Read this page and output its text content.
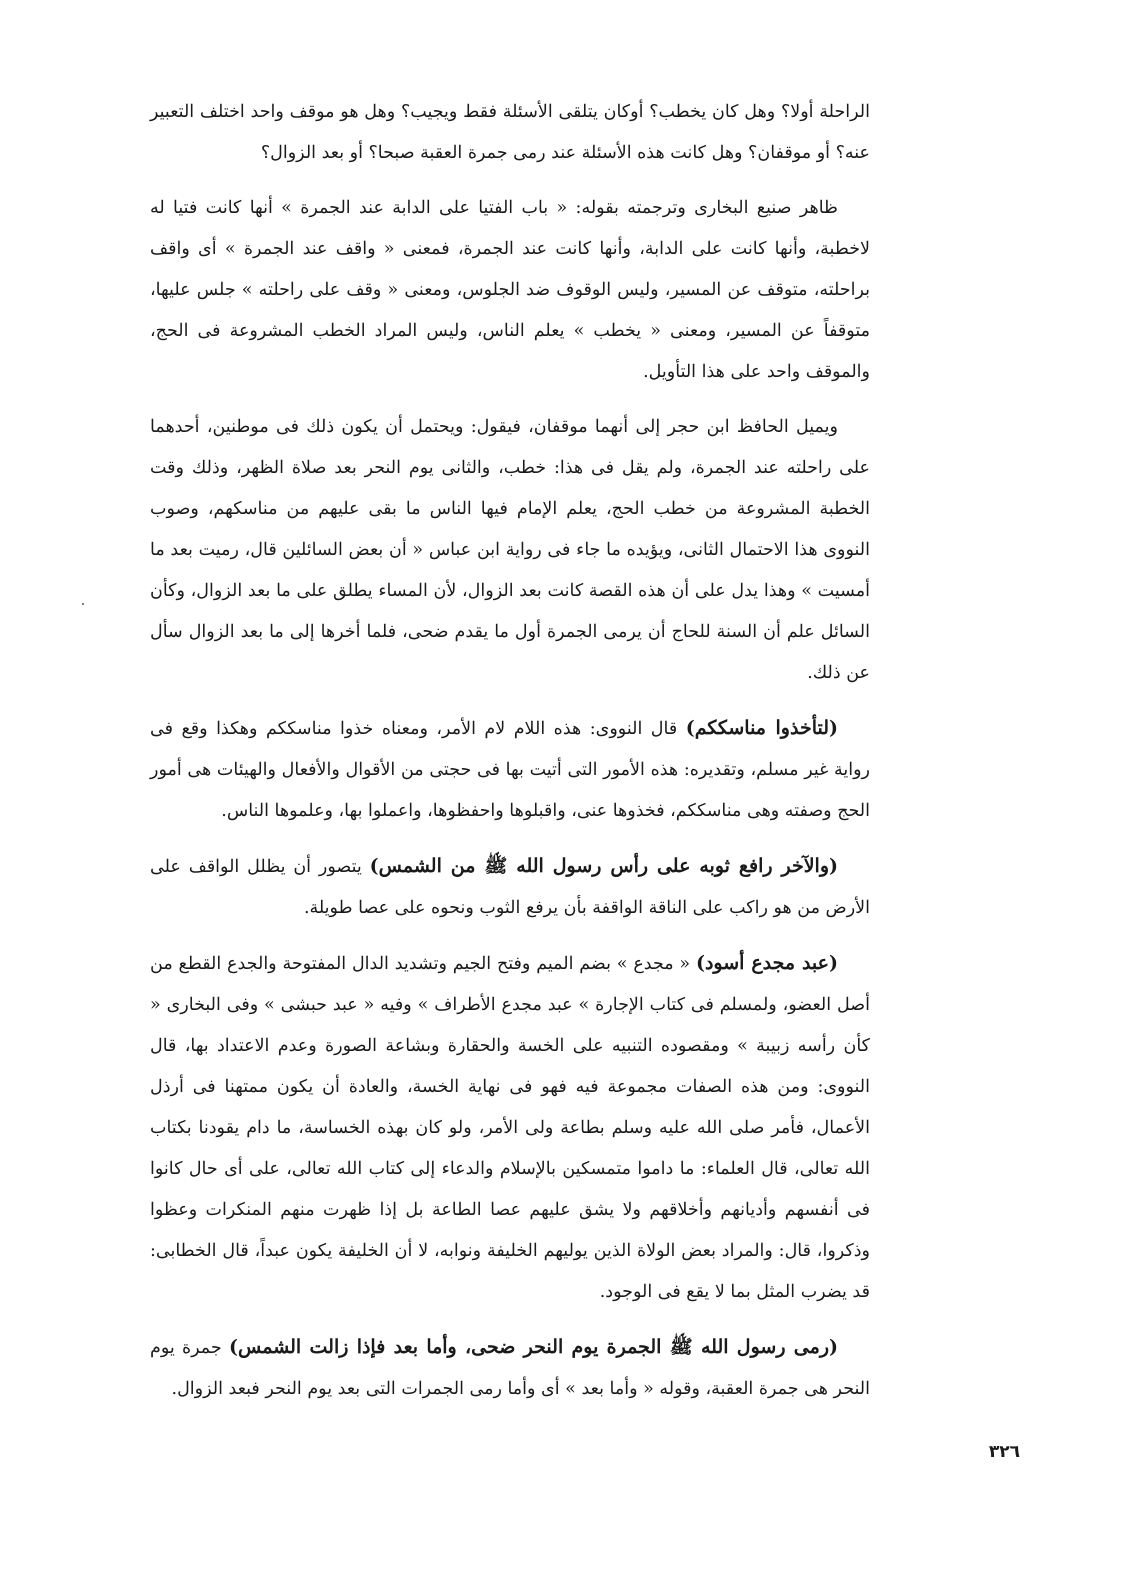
الراحلة أولا؟ وهل كان يخطب؟ أوكان يتلقى الأسئلة فقط ويجيب؟ وهل هو موقف واحد اختلف التعبير عنه؟ أو موقفان؟ وهل كانت هذه الأسئلة عند رمى جمرة العقبة صبحا؟ أو بعد الزوال؟

ظاهر صنيع البخارى وترجمته بقوله: « باب الفتيا على الدابة عند الجمرة » أنها كانت فتيا له لاخطبة، وأنها كانت على الدابة، وأنها كانت عند الجمرة، فمعنى « واقف عند الجمرة » أى واقف براحلته، متوقف عن المسير، وليس الوقوف ضد الجلوس، ومعنى « وقف على راحلته » جلس عليها، متوقفاً عن المسير، ومعنى « يخطب » يعلم الناس، وليس المراد الخطب المشروعة فى الحج، والموقف واحد على هذا التأويل.

ويميل الحافظ ابن حجر إلى أنهما موقفان، فيقول: ويحتمل أن يكون ذلك فى موطنين، أحدهما على راحلته عند الجمرة، ولم يقل فى هذا: خطب، والثانى يوم النحر بعد صلاة الظهر، وذلك وقت الخطبة المشروعة من خطب الحج، يعلم الإمام فيها الناس ما بقى عليهم من مناسكهم، وصوب النووى هذا الاحتمال الثانى، ويؤيده ما جاء فى رواية ابن عباس « أن بعض السائلين قال، رميت بعد ما أمسيت » وهذا يدل على أن هذه القصة كانت بعد الزوال، لأن المساء يطلق على ما بعد الزوال، وكأن السائل علم أن السنة للحاج أن يرمى الجمرة أول ما يقدم ضحى، فلما أخرها إلى ما بعد الزوال سأل عن ذلك.

(لتأخذوا مناسككم) قال النووى: هذه اللام لام الأمر، ومعناه خذوا مناسككم وهكذا وقع فى رواية غير مسلم، وتقديره: هذه الأمور التى أتيت بها فى حجتى من الأقوال والأفعال والهيئات هى أمور الحج وصفته وهى مناسككم، فخذوها عنى، واقبلوها واحفظوها، واعملوا بها، وعلموها الناس.

(والآخر رافع ثوبه على رأس رسول الله ﷺ من الشمس) يتصور أن يظلل الواقف على الأرض من هو راكب على الناقة الواقفة بأن يرفع الثوب ونحوه على عصا طويلة.

(عبد مجدع أسود) « مجدع » بضم الميم وفتح الجيم وتشديد الدال المفتوحة والجدع القطع من أصل العضو، ولمسلم فى كتاب الإجارة » عبد مجدع الأطراف » وفيه « عبد حبشى » وفى البخارى « كأن رأسه زبيبة » ومقصوده التنبيه على الخسة والحقارة وبشاعة الصورة وعدم الاعتداد بها، قال النووى: ومن هذه الصفات مجموعة فيه فهو فى نهاية الخسة، والعادة أن يكون ممتهنا فى أرذل الأعمال، فأمر صلى الله عليه وسلم بطاعة ولى الأمر، ولو كان بهذه الخساسة، ما دام يقودنا بكتاب الله تعالى، قال العلماء: ما داموا متمسكين بالإسلام والدعاء إلى كتاب الله تعالى، على أى حال كانوا فى أنفسهم وأديانهم وأخلاقهم ولا يشق عليهم عصا الطاعة بل إذا ظهرت منهم المنكرات وعظوا وذكروا، قال: والمراد بعض الولاة الذين يوليهم الخليفة ونوابه، لا أن الخليفة يكون عبداً، قال الخطابى: قد يضرب المثل بما لا يقع فى الوجود.

(رمى رسول الله ﷺ الجمرة يوم النحر ضحى، وأما بعد فإذا زالت الشمس) جمرة يوم النحر هى جمرة العقبة، وقوله « وأما بعد » أى وأما رمى الجمرات التى بعد يوم النحر فبعد الزوال.

٣٢٦
